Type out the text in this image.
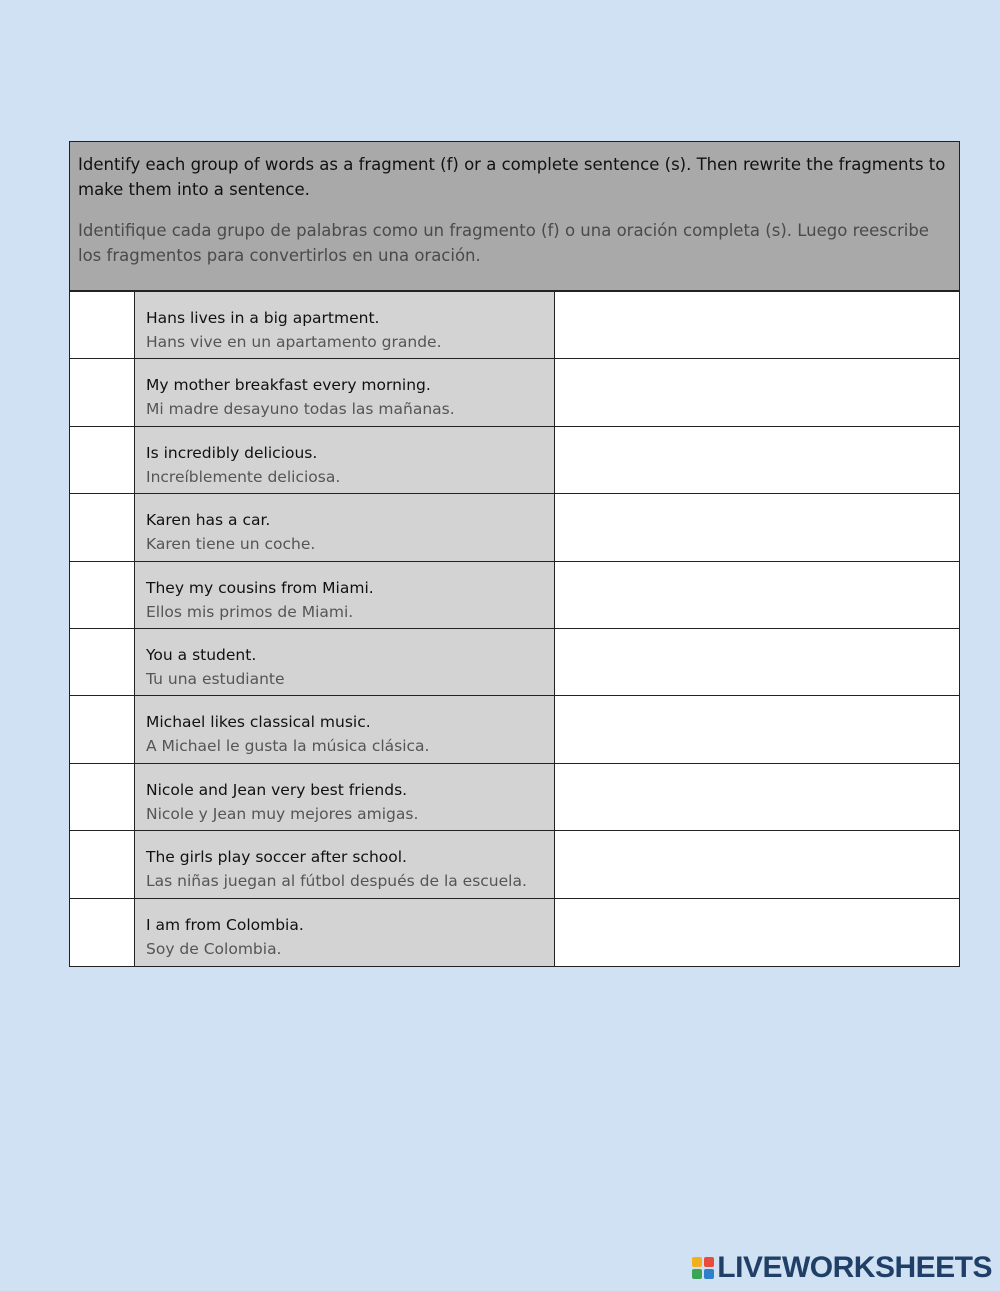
Identify each group of words as a fragment (f) or a complete sentence (s). Then rewrite the fragments to make them into a sentence.

Identifique cada grupo de palabras como un fragmento (f) o una oración completa (s). Luego reescribe los fragmentos para convertirlos en una oración.

Hans lives in a big apartment.
Hans vive en un apartamento grande.
My mother breakfast every morning.
Mi madre desayuno todas las mañanas.
Is incredibly delicious.
Increíblemente deliciosa.
Karen has a car.
Karen tiene un coche.
They my cousins from Miami.
Ellos mis primos de Miami.
You a student.
Tu una estudiante
Michael likes classical music.
A Michael le gusta la música clásica.
Nicole and Jean very best friends.
Nicole y Jean muy mejores amigas.
The girls play soccer after school.
Las niñas juegan al fútbol después de la escuela.
I am from Colombia.
Soy de Colombia.
LIVEWORKSHEETS
